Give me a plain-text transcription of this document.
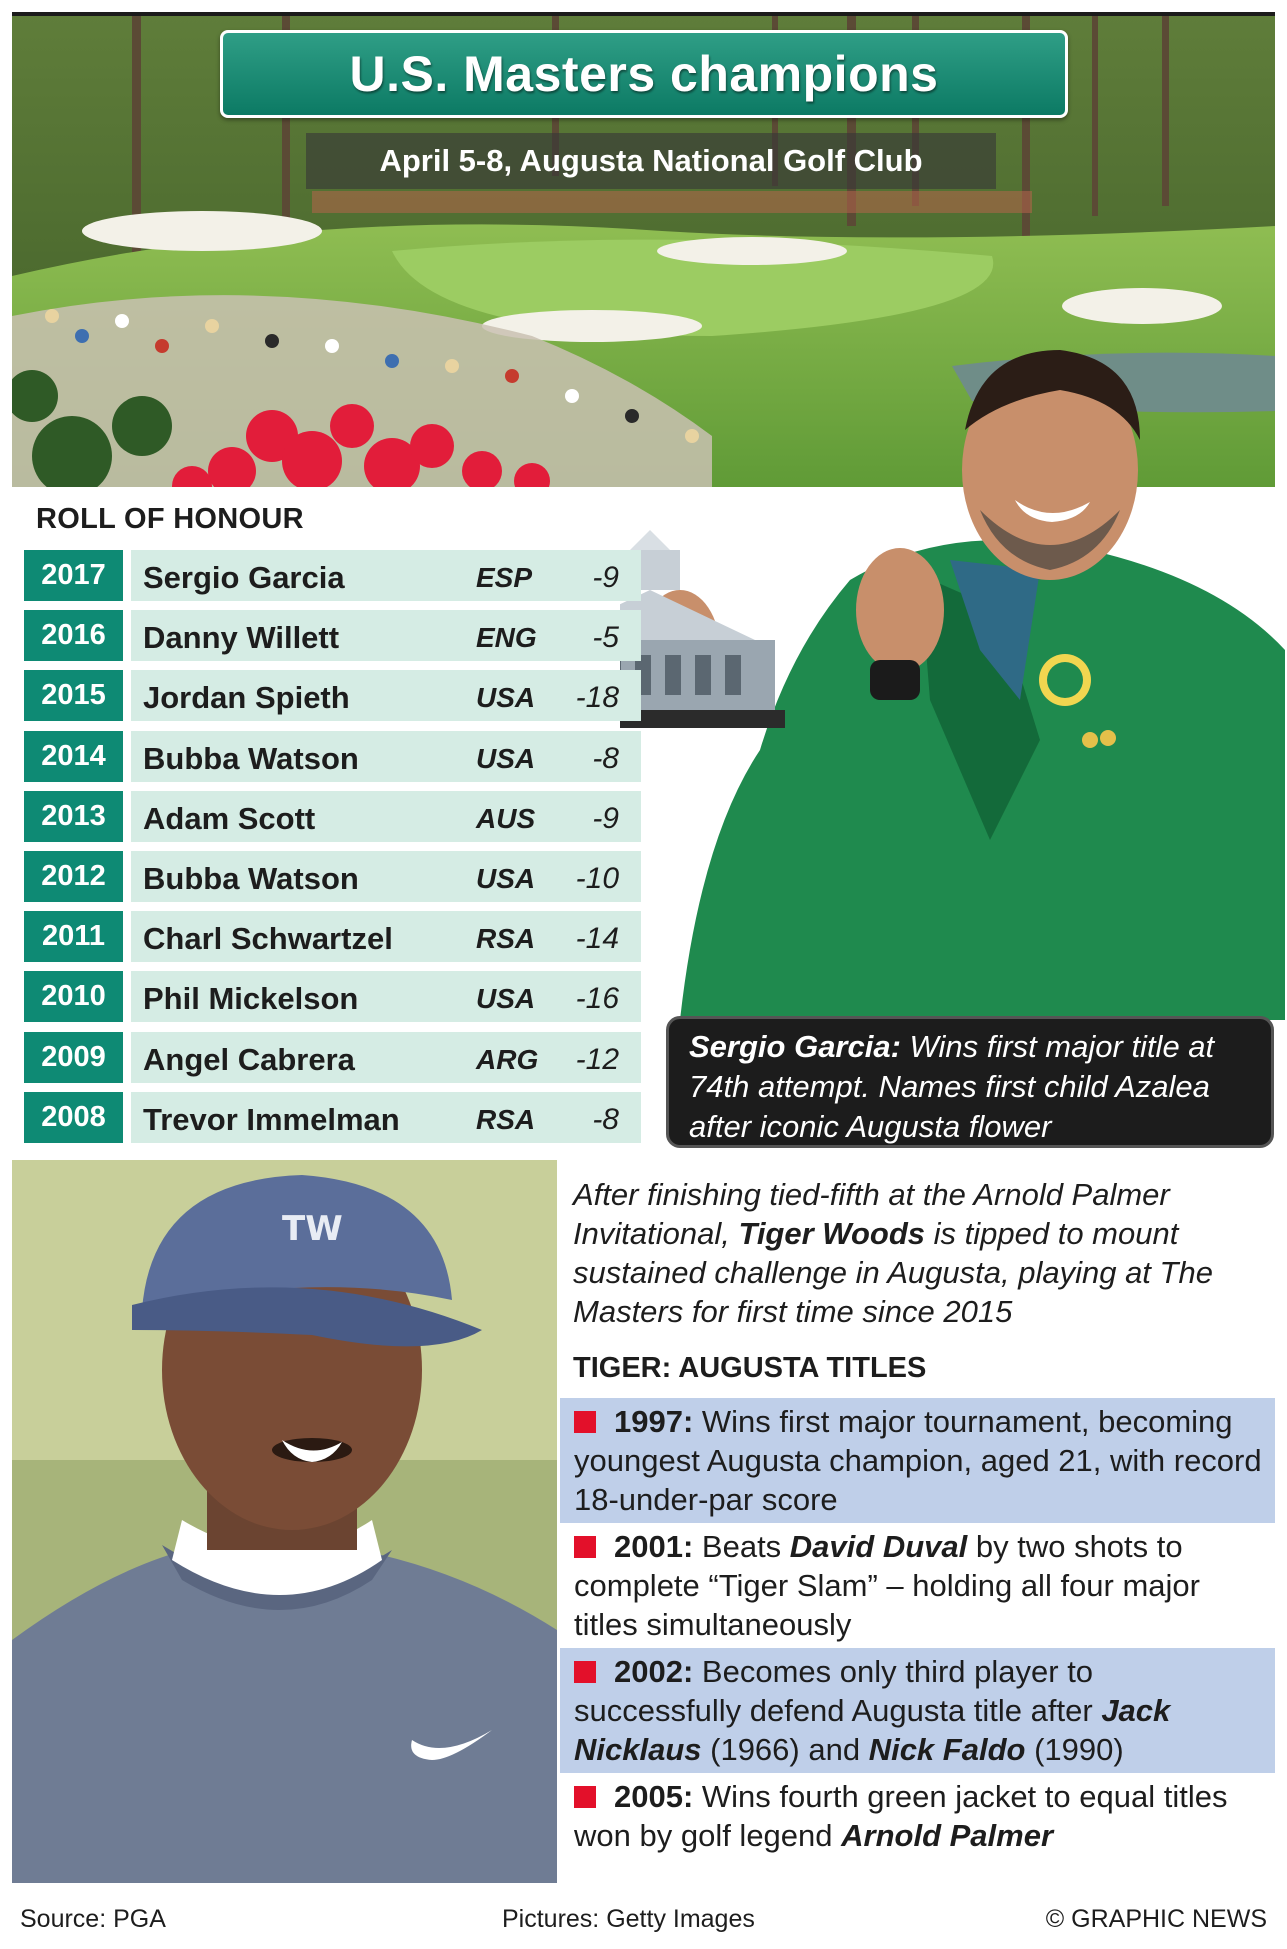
U.S. Masters champions
April 5-8, Augusta National Golf Club
ROLL OF HONOUR
2017	Sergio Garcia	ESP -9
2016	Danny Willett	ENG -5
2015	Jordan Spieth	USA -18
2014	Bubba Watson	USA -8
2013	Adam Scott	AUS -9
2012	Bubba Watson	USA -10
2011	Charl Schwartzel	RSA -14
2010	Phil Mickelson	USA -16
2009	Angel Cabrera	ARG -12
2008	Trevor Immelman	RSA -8
Sergio Garcia: Wins first major title at 74th attempt. Names first child Azalea after iconic Augusta flower
TW
After finishing tied-fifth at the Arnold Palmer Invitational, Tiger Woods is tipped to mount sustained challenge in Augusta, playing at The Masters for first time since 2015
TIGER: AUGUSTA TITLES
1997: Wins first major tournament, becoming youngest Augusta champion, aged 21, with record 18-under-par score
2001: Beats David Duval by two shots to complete “Tiger Slam” – holding all four major titles simultaneously
2002: Becomes only third player to successfully defend Augusta title after Jack Nicklaus (1966) and Nick Faldo (1990)
2005: Wins fourth green jacket to equal titles won by golf legend Arnold Palmer
Source: PGA	Pictures: Getty Images	© GRAPHIC NEWS
